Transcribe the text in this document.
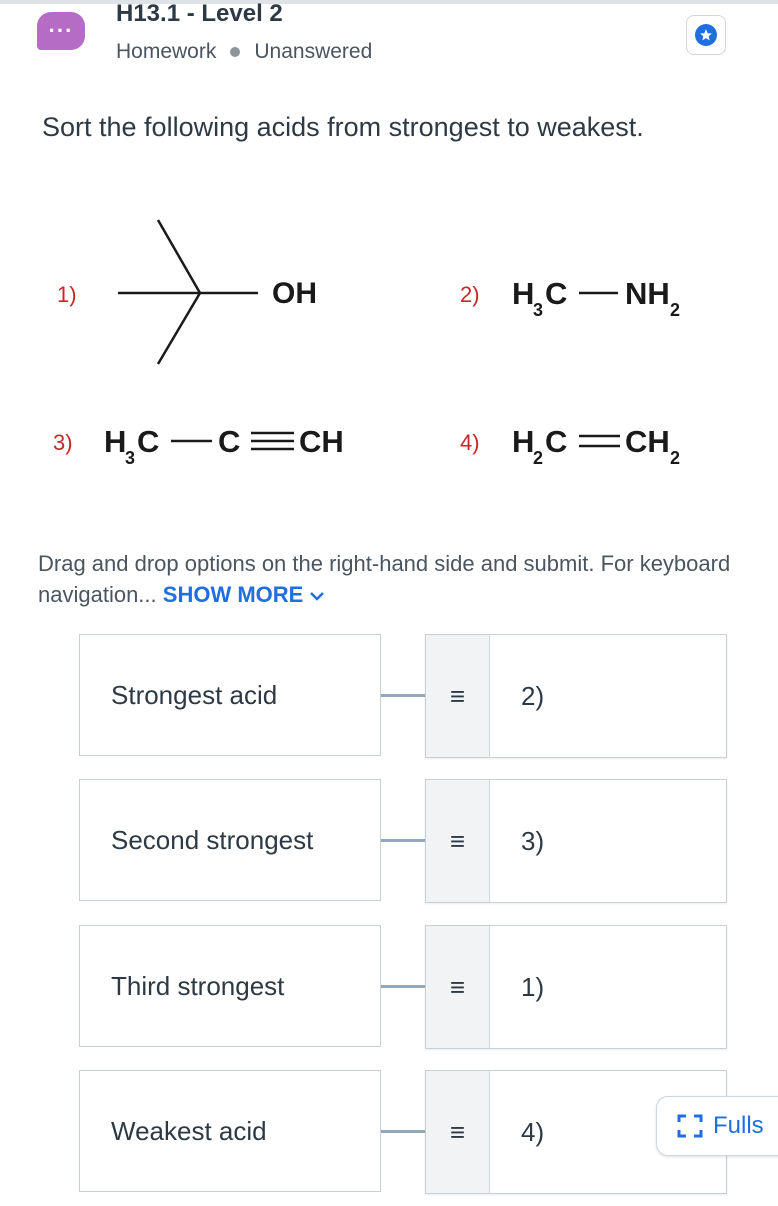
···
H13.1 - Level 2
Homework Unanswered
Sort the following acids from strongest to weakest.
1)	OH	2) H
3 C NH 2
3) H
3 C C CH	4) H
2 C CH 2
Drag and drop options on the right-hand side and submit. For keyboard navigation... SHOW MORE
Strongest acid	≡	2)
Second strongest	≡	3)
Third strongest	≡	1)
Weakest acid	≡	4)	Fulls
